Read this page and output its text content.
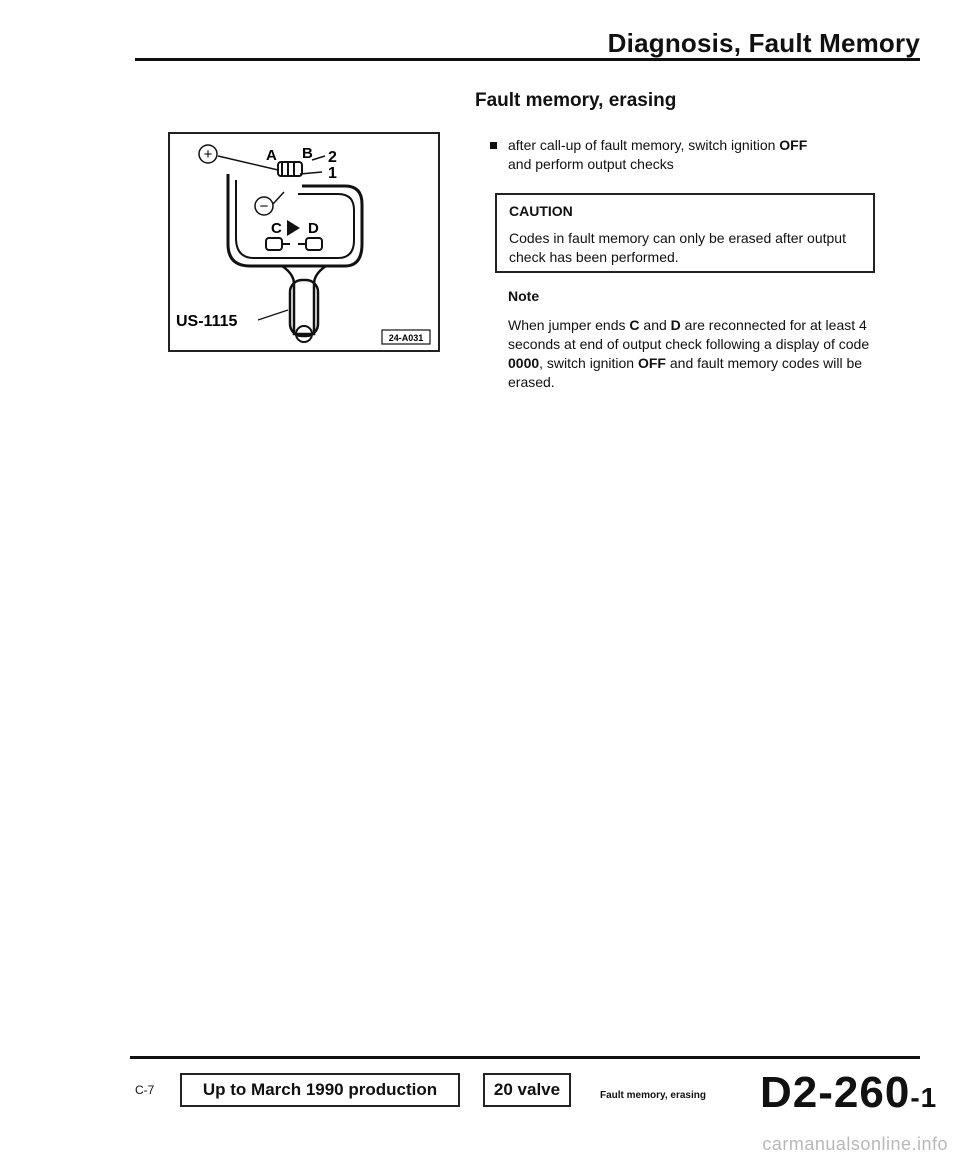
Diagnosis, Fault Memory
Fault memory, erasing
+	A B 2
1
−
C D
US-1115
24-A031
after call-up of fault memory, switch ignition OFF
and perform output checks
CAUTION
Codes in fault memory can only be erased after output check has been performed.
Note
When jumper ends C and D are reconnected for at least 4 seconds at end of output check following a display of code 0000, switch ignition OFF and fault memory codes will be erased.
C-7	Up to March 1990 production	20 valve	Fault memory, erasing D2-260-1
carmanualsonline.info
